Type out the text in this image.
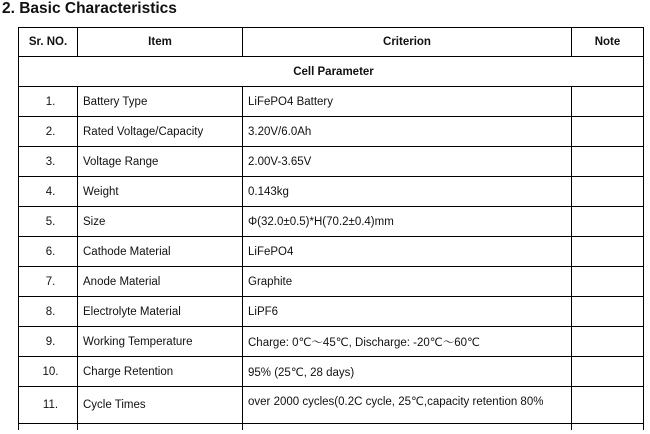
2. Basic Characteristics
Sr. NO.	Item	Criterion	Note
Cell Parameter			
1.	Battery Type	LiFePO4 Battery	
2.	Rated Voltage/Capacity	3.20V/6.0Ah	
3.	Voltage Range	2.00V-3.65V	
4.	Weight	0.143kg	
5.	Size	Φ(32.0±0.5)*H(70.2±0.4)mm	
6.	Cathode Material	LiFePO4	
7.	Anode Material	Graphite	
8.	Electrolyte Material	LiPF6	
9.	Working Temperature	Charge: 0℃～45℃, Discharge: -20℃～60℃	
10.	Charge Retention	95% (25℃, 28 days)	
11.	Cycle Times	over 2000 cycles(0.2C cycle, 25℃,capacity retention 80%	
